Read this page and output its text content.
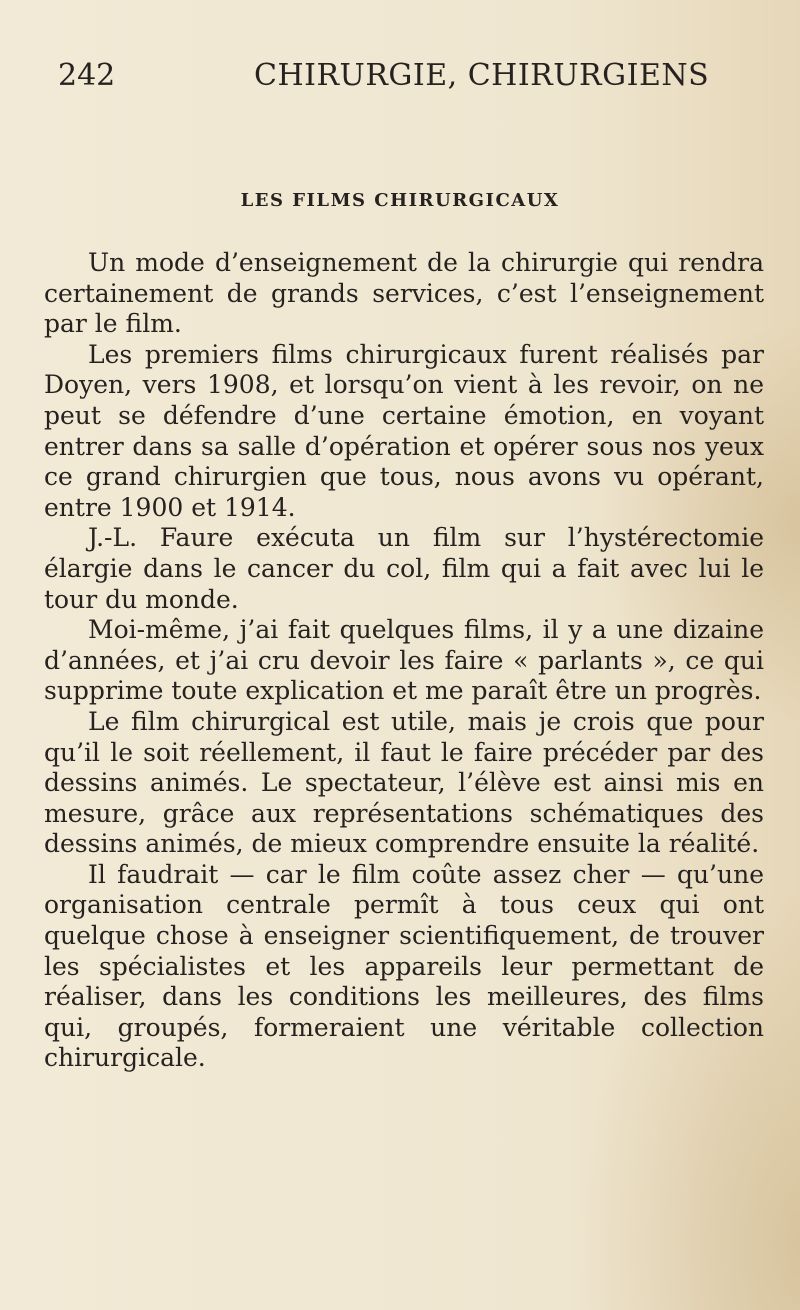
242	CHIRURGIE, CHIRURGIENS
LES FILMS CHIRURGICAUX

Un mode d’enseignement de la chirurgie qui rendra certainement de grands services, c’est l’enseignement par le film.

Les premiers films chirurgicaux furent réalisés par Doyen, vers 1908, et lorsqu’on vient à les revoir, on ne peut se défendre d’une certaine émotion, en voyant entrer dans sa salle d’opération et opérer sous nos yeux ce grand chirurgien que tous, nous avons vu opérant, entre 1900 et 1914.

J.-L. Faure exécuta un film sur l’hystérectomie élargie dans le cancer du col, film qui a fait avec lui le tour du monde.

Moi-même, j’ai fait quelques films, il y a une dizaine d’années, et j’ai cru devoir les faire « parlants », ce qui supprime toute explication et me paraît être un progrès.

Le film chirurgical est utile, mais je crois que pour qu’il le soit réellement, il faut le faire précéder par des dessins animés. Le spectateur, l’élève est ainsi mis en mesure, grâce aux représentations schématiques des dessins animés, de mieux comprendre ensuite la réalité.

Il faudrait — car le film coûte assez cher — qu’une organisation centrale permît à tous ceux qui ont quelque chose à enseigner scientifiquement, de trouver les spécialistes et les appareils leur permettant de réaliser, dans les conditions les meilleures, des films qui, groupés, formeraient une véritable collection chirurgicale.
